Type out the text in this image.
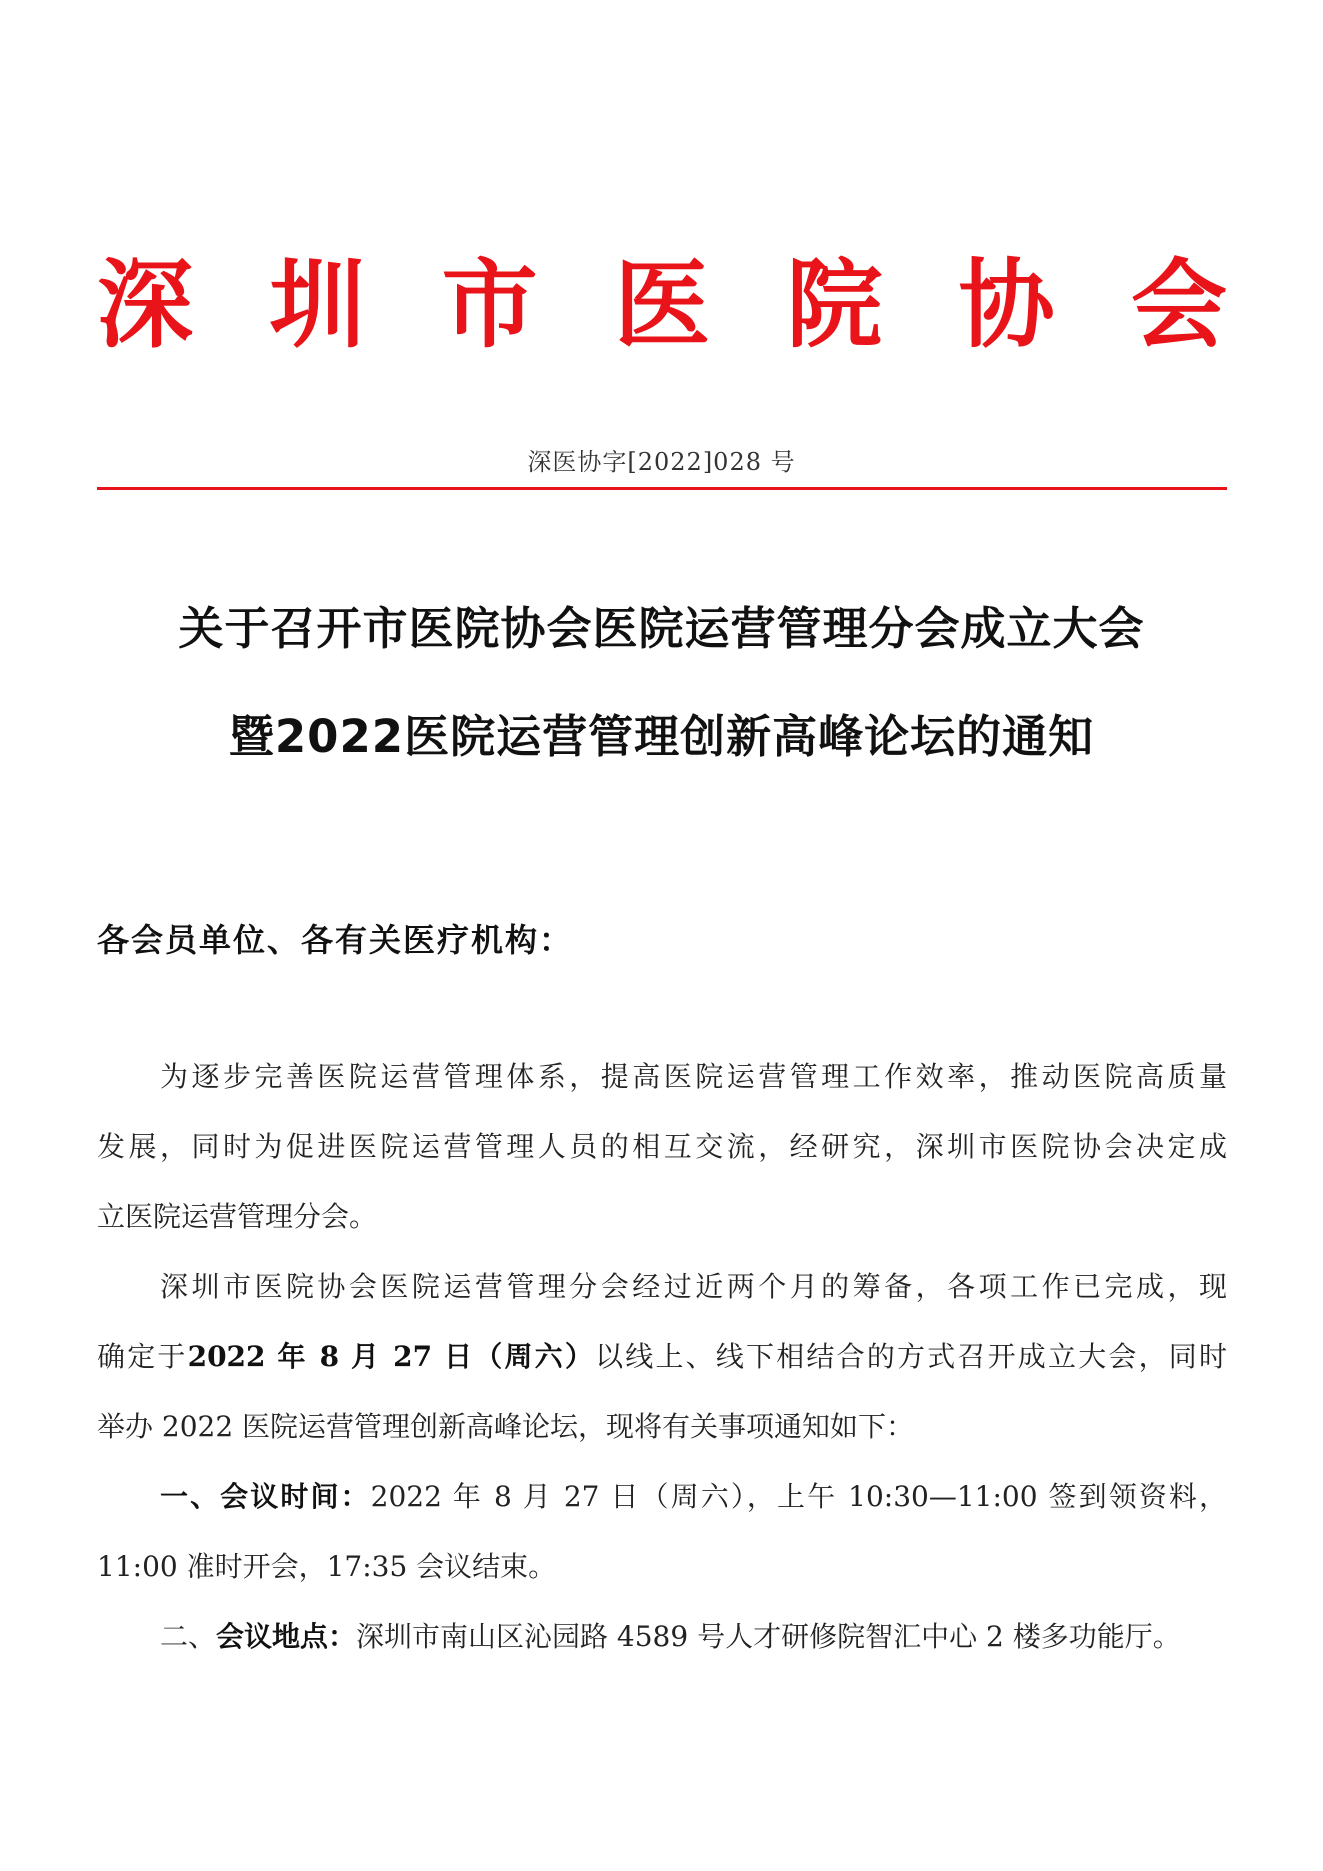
深 圳 市 医 院 协 会
深医协字[2022]028 号
关于召开市医院协会医院运营管理分会成立大会
暨2022医院运营管理创新高峰论坛的通知
各会员单位、各有关医疗机构：
为逐步完善医院运营管理体系，提高医院运营管理工作效率，推动医院高质量
发展，同时为促进医院运营管理人员的相互交流，经研究，深圳市医院协会决定成
立医院运营管理分会。
深圳市医院协会医院运营管理分会经过近两个月的筹备，各项工作已完成，现
确定于2022 年 8 月 27 日（周六）以线上、线下相结合的方式召开成立大会，同时
举办 2022 医院运营管理创新高峰论坛，现将有关事项通知如下：
一、会议时间：2022 年 8 月 27 日（周六），上午 10:30—11:00 签到领资料，
11:00 准时开会，17:35 会议结束。
二、会议地点：深圳市南山区沁园路 4589 号人才研修院智汇中心 2 楼多功能厅。
